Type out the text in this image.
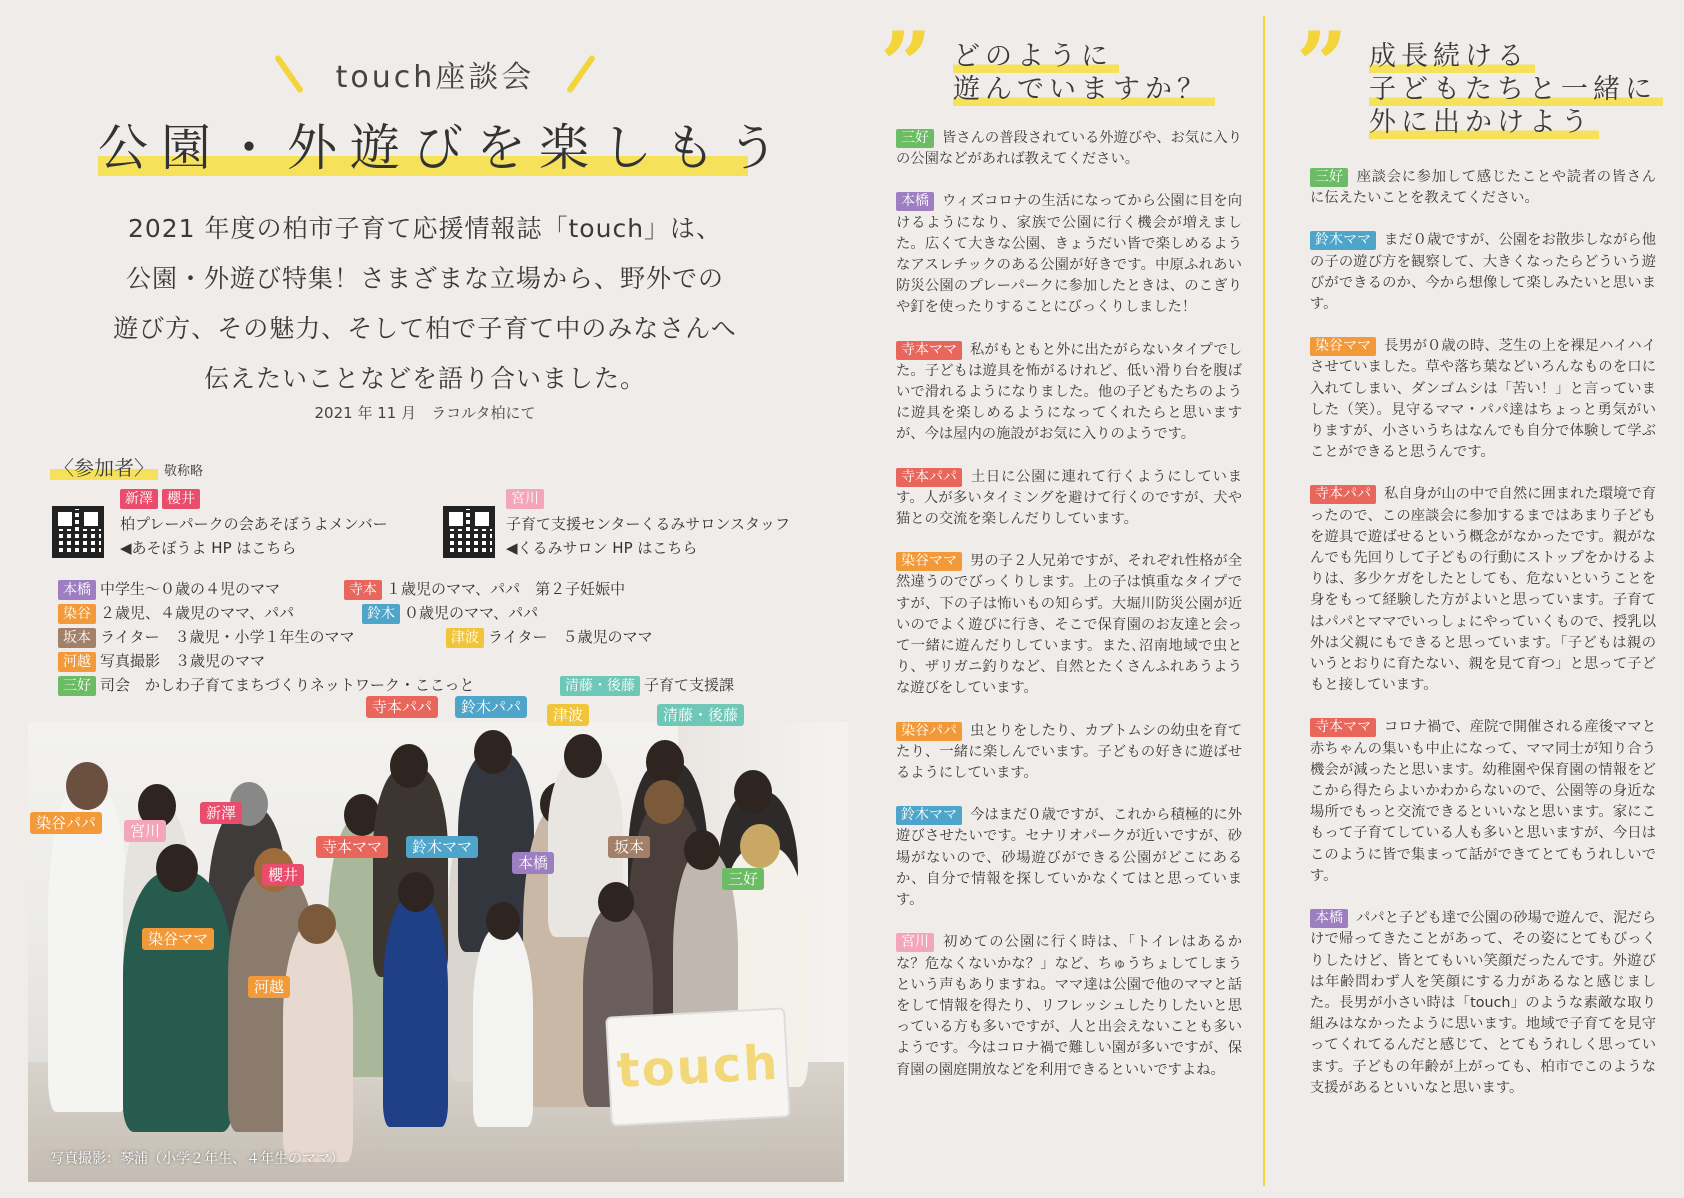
touch座談会
公園・外遊びを楽しもう
2021 年度の柏市子育て応援情報誌「touch」は、
公園・外遊び特集！さまざまな立場から、野外での
遊び方、その魅力、そして柏で子育て中のみなさんへ
伝えたいことなどを語り合いました。
2021 年 11 月　ラコルタ柏にて
〈参加者〉 敬称略
新澤 櫻井
柏プレーパークの会あそぼうよメンバー
◀あそぼうよ HP はこちら
宮川
子育て支援センターくるみサロンスタッフ
◀くるみサロン HP はこちら
本橋 中学生～０歳の４児のママ	寺本 １歳児のママ、パパ　第２子妊娠中
染谷 ２歳児、４歳児のママ、パパ	鈴木 ０歳児のママ、パパ
坂本 ライター　３歳児・小学１年生のママ	津波 ライター　５歳児のママ
河越 写真撮影　３歳児のママ
三好 司会　かしわ子育てまちづくりネットワーク・ここっと	清藤・後藤 子育て支援課
touch
寺本パパ	鈴木パパ	津波	清藤・後藤
染谷パパ	宮川
新澤
寺本ママ	鈴木ママ
本橋
坂本
櫻井	三好
染谷ママ
河越
写真撮影：琴浦（小学２年生、４年生のママ）
” どのように
遊んでいますか？
三好 皆さんの普段されている外遊びや、お気に入りの公園などがあれば教えてください。
本橋 ウィズコロナの生活になってから公園に目を向けるようになり、家族で公園に行く機会が増えました。広くて大きな公園、きょうだい皆で楽しめるようなアスレチックのある公園が好きです。中原ふれあい防災公園のプレーパークに参加したときは、のこぎりや釘を使ったりすることにびっくりしました！
寺本ママ 私がもともと外に出たがらないタイプでした。子どもは遊具を怖がるけれど、低い滑り台を腹ばいで滑れるようになりました。他の子どもたちのように遊具を楽しめるようになってくれたらと思いますが、今は屋内の施設がお気に入りのようです。
寺本パパ 土日に公園に連れて行くようにしています。人が多いタイミングを避けて行くのですが、犬や猫との交流を楽しんだりしています。
染谷ママ 男の子２人兄弟ですが、それぞれ性格が全然違うのでびっくりします。上の子は慎重なタイプですが、下の子は怖いもの知らず。大堀川防災公園が近いのでよく遊びに行き、そこで保育園のお友達と会って一緒に遊んだりしています。また､沼南地域で虫とり、ザリガニ釣りなど、自然とたくさんふれあうような遊びをしています。
染谷パパ 虫とりをしたり、カブトムシの幼虫を育てたり、一緒に楽しんでいます。子どもの好きに遊ばせるようにしています。
鈴木ママ 今はまだ０歳ですが、これから積極的に外遊びさせたいです。セナリオパークが近いですが、砂場がないので、砂場遊びができる公園がどこにあるか、自分で情報を探していかなくてはと思っています。
宮川 初めての公園に行く時は、「トイレはあるかな？危なくないかな？」など、ちゅうちょしてしまうという声もありますね。ママ達は公園で他のママと話をして情報を得たり、リフレッシュしたりしたいと思っている方も多いですが、人と出会えないことも多いようです。今はコロナ禍で難しい園が多いですが、保育園の園庭開放などを利用できるといいですよね。
” 成長続ける
子どもたちと一緒に
外に出かけよう
三好 座談会に参加して感じたことや読者の皆さんに伝えたいことを教えてください。
鈴木ママ まだ０歳ですが、公園をお散歩しながら他の子の遊び方を観察して、大きくなったらどういう遊びができるのか、今から想像して楽しみたいと思います。
染谷ママ 長男が０歳の時、芝生の上を裸足ハイハイさせていました。草や落ち葉などいろんなものを口に入れてしまい、ダンゴムシは「苦い！」と言っていました（笑）。見守るママ・パパ達はちょっと勇気がいりますが、小さいうちはなんでも自分で体験して学ぶことができると思うんです。
寺本パパ 私自身が山の中で自然に囲まれた環境で育ったので、この座談会に参加するまではあまり子どもを遊具で遊ばせるという概念がなかったです。親がなんでも先回りして子どもの行動にストップをかけるよりは、多少ケガをしたとしても、危ないということを身をもって経験した方がよいと思っています。子育てはパパとママでいっしょにやっていくもので、授乳以外は父親にもできると思っています。｢子どもは親のいうとおりに育たない、親を見て育つ」と思って子どもと接しています。
寺本ママ コロナ禍で、産院で開催される産後ママと赤ちゃんの集いも中止になって、ママ同士が知り合う機会が減ったと思います。幼稚園や保育園の情報をどこから得たらよいかわからないので、公園等の身近な場所でもっと交流できるといいなと思います。家にこもって子育てしている人も多いと思いますが、今日はこのように皆で集まって話ができてとてもうれしいです。
本橋 パパと子ども達で公園の砂場で遊んで、泥だらけで帰ってきたことがあって、その姿にとてもびっくりしたけど、皆とてもいい笑顔だったんです。外遊びは年齢問わず人を笑顔にする力があるなと感じました。長男が小さい時は「touch」のような素敵な取り組みはなかったように思います。地域で子育てを見守ってくれてるんだと感じて、とてもうれしく思っています。子どもの年齢が上がっても、柏市でこのような支援があるといいなと思います。
